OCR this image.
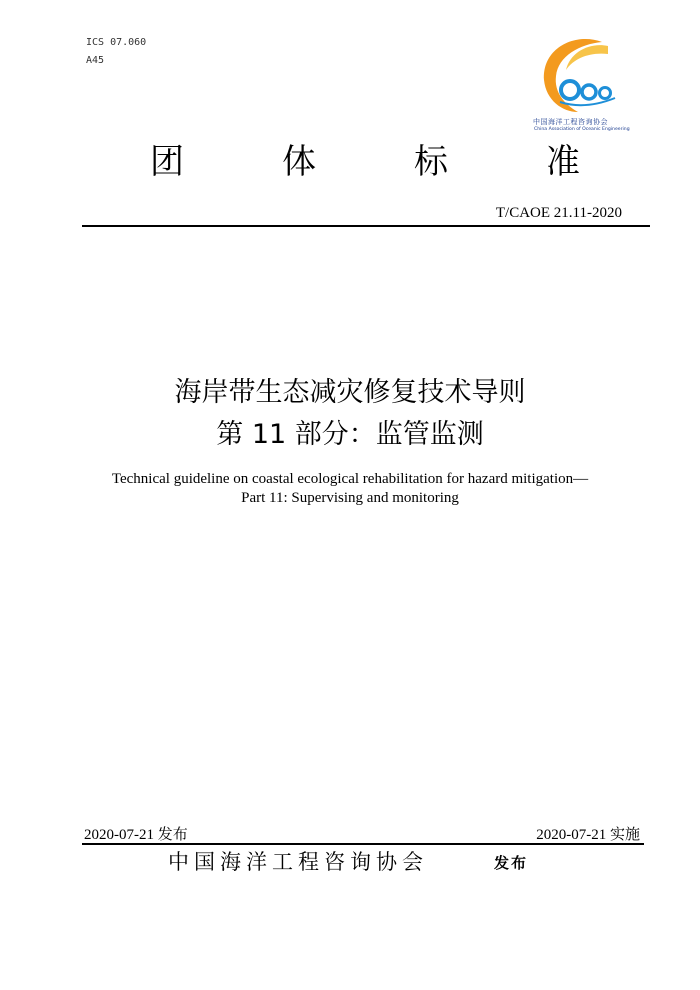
ICS 07.060
A45
中国海洋工程咨询协会
China Association of Oceanic Engineering
团	体	标	准
T/CAOE 21.11-2020
海岸带生态减灾修复技术导则
第 11 部分：监管监测
Technical guideline on coastal ecological rehabilitation for hazard mitigation—
Part 11: Supervising and monitoring
2020-07-21 发布	2020-07-21 实施
中国海洋工程咨询协会	发布
